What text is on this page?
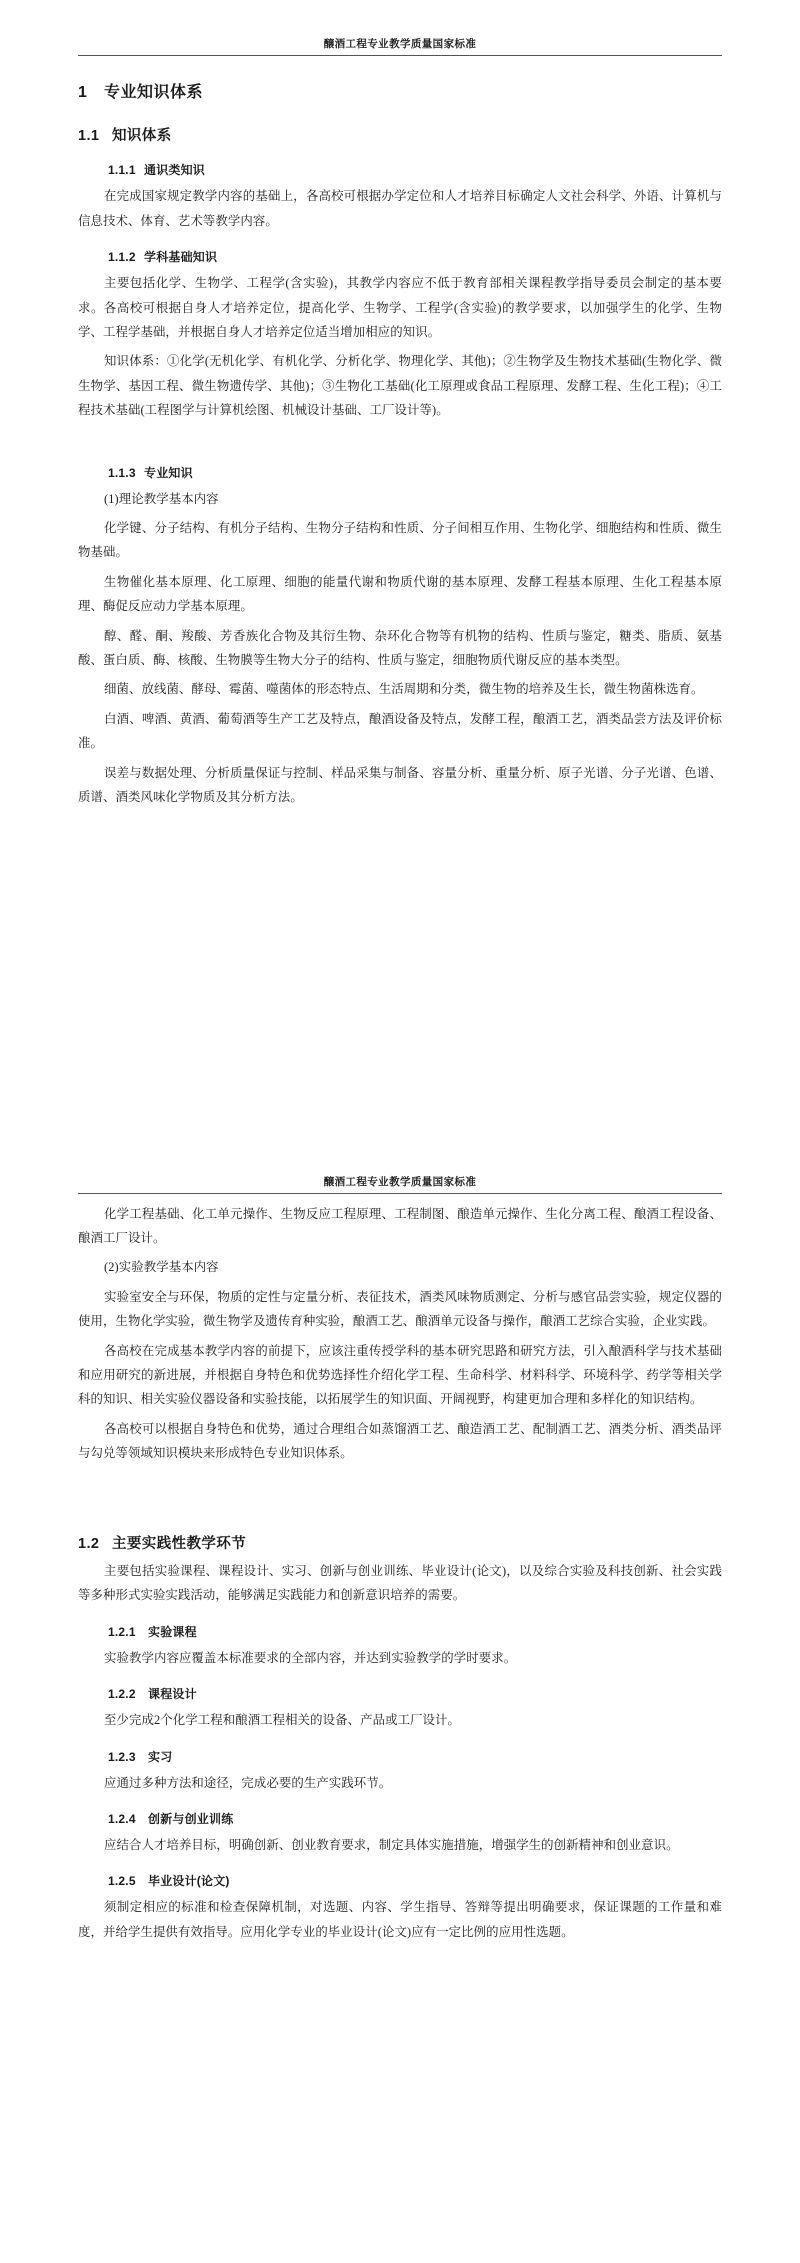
醸酒工程专业教学质量国家标准
1 专业知识体系
1.1 知识体系
1.1.1 通识类知识

在完成国家规定教学内容的基础上，各高校可根据办学定位和人才培养目标确定人文社会科学、外语、计算机与信息技术、体育、艺术等教学内容。

1.1.2 学科基础知识

主要包括化学、生物学、工程学(含实验)，其教学内容应不低于教育部相关课程教学指导委员会制定的基本要求。各高校可根据自身人才培养定位，提高化学、生物学、工程学(含实验)的教学要求，以加强学生的化学、生物学、工程学基础，并根据自身人才培养定位适当增加相应的知识。

知识体系：①化学(无机化学、有机化学、分析化学、物理化学、其他)；②生物学及生物技术基础(生物化学、微生物学、基因工程、微生物遗传学、其他)；③生物化工基础(化工原理或食品工程原理、发酵工程、生化工程)；④工程技术基础(工程图学与计算机绘图、机械设计基础、工厂设计等)。

1.1.3 专业知识

(1)理论教学基本内容

化学键、分子结构、有机分子结构、生物分子结构和性质、分子间相互作用、生物化学、细胞结构和性质、微生物基础。

生物催化基本原理、化工原理、细胞的能量代谢和物质代谢的基本原理、发酵工程基本原理、生化工程基本原理、酶促反应动力学基本原理。

醇、醛、酮、羧酸、芳香族化合物及其衍生物、杂环化合物等有机物的结构、性质与鉴定，糖类、脂质、氨基酸、蛋白质、酶、核酸、生物膜等生物大分子的结构、性质与鉴定，细胞物质代谢反应的基本类型。

细菌、放线菌、酵母、霉菌、噬菌体的形态特点、生活周期和分类，微生物的培养及生长，微生物菌株选育。

白酒、啤酒、黄酒、葡萄酒等生产工艺及特点，酿酒设备及特点，发酵工程，酿酒工艺，酒类品尝方法及评价标准。

误差与数据处理、分析质量保证与控制、样品采集与制备、容量分析、重量分析、原子光谱、分子光谱、色谱、质谱、酒类风味化学物质及其分析方法。

醸酒工程专业教学质量国家标准

化学工程基础、化工单元操作、生物反应工程原理、工程制图、酿造单元操作、生化分离工程、酿酒工程设备、酿酒工厂设计。

(2)实验教学基本内容

实验室安全与环保，物质的定性与定量分析、表征技术，酒类风味物质测定、分析与感官品尝实验，规定仪器的使用，生物化学实验，微生物学及遗传育种实验，酿酒工艺、酿酒单元设备与操作，酿酒工艺综合实验，企业实践。

各高校在完成基本教学内容的前提下，应该注重传授学科的基本研究思路和研究方法，引入酿酒科学与技术基础和应用研究的新进展，并根据自身特色和优势选择性介绍化学工程、生命科学、材料科学、环境科学、药学等相关学科的知识、相关实验仪器设备和实验技能，以拓展学生的知识面、开阔视野，构建更加合理和多样化的知识结构。

各高校可以根据自身特色和优势，通过合理组合如蒸馏酒工艺、酿造酒工艺、配制酒工艺、酒类分析、酒类品评与勾兑等领域知识模块来形成特色专业知识体系。

1.2 主要实践性教学环节

主要包括实验课程、课程设计、实习、创新与创业训练、毕业设计(论文)，以及综合实验及科技创新、社会实践等多种形式实验实践活动，能够满足实践能力和创新意识培养的需要。

1.2.1 实验课程

实验教学内容应覆盖本标准要求的全部内容，并达到实验教学的学时要求。

1.2.2 课程设计

至少完成2个化学工程和酿酒工程相关的设备、产品或工厂设计。

1.2.3 实习

应通过多种方法和途径，完成必要的生产实践环节。

1.2.4 创新与创业训练

应结合人才培养目标，明确创新、创业教育要求，制定具体实施措施，增强学生的创新精神和创业意识。

1.2.5 毕业设计(论文)

须制定相应的标准和检查保障机制，对选题、内容、学生指导、答辩等提出明确要求，保证课题的工作量和难度，并给学生提供有效指导。应用化学专业的毕业设计(论文)应有一定比例的应用性选题。
